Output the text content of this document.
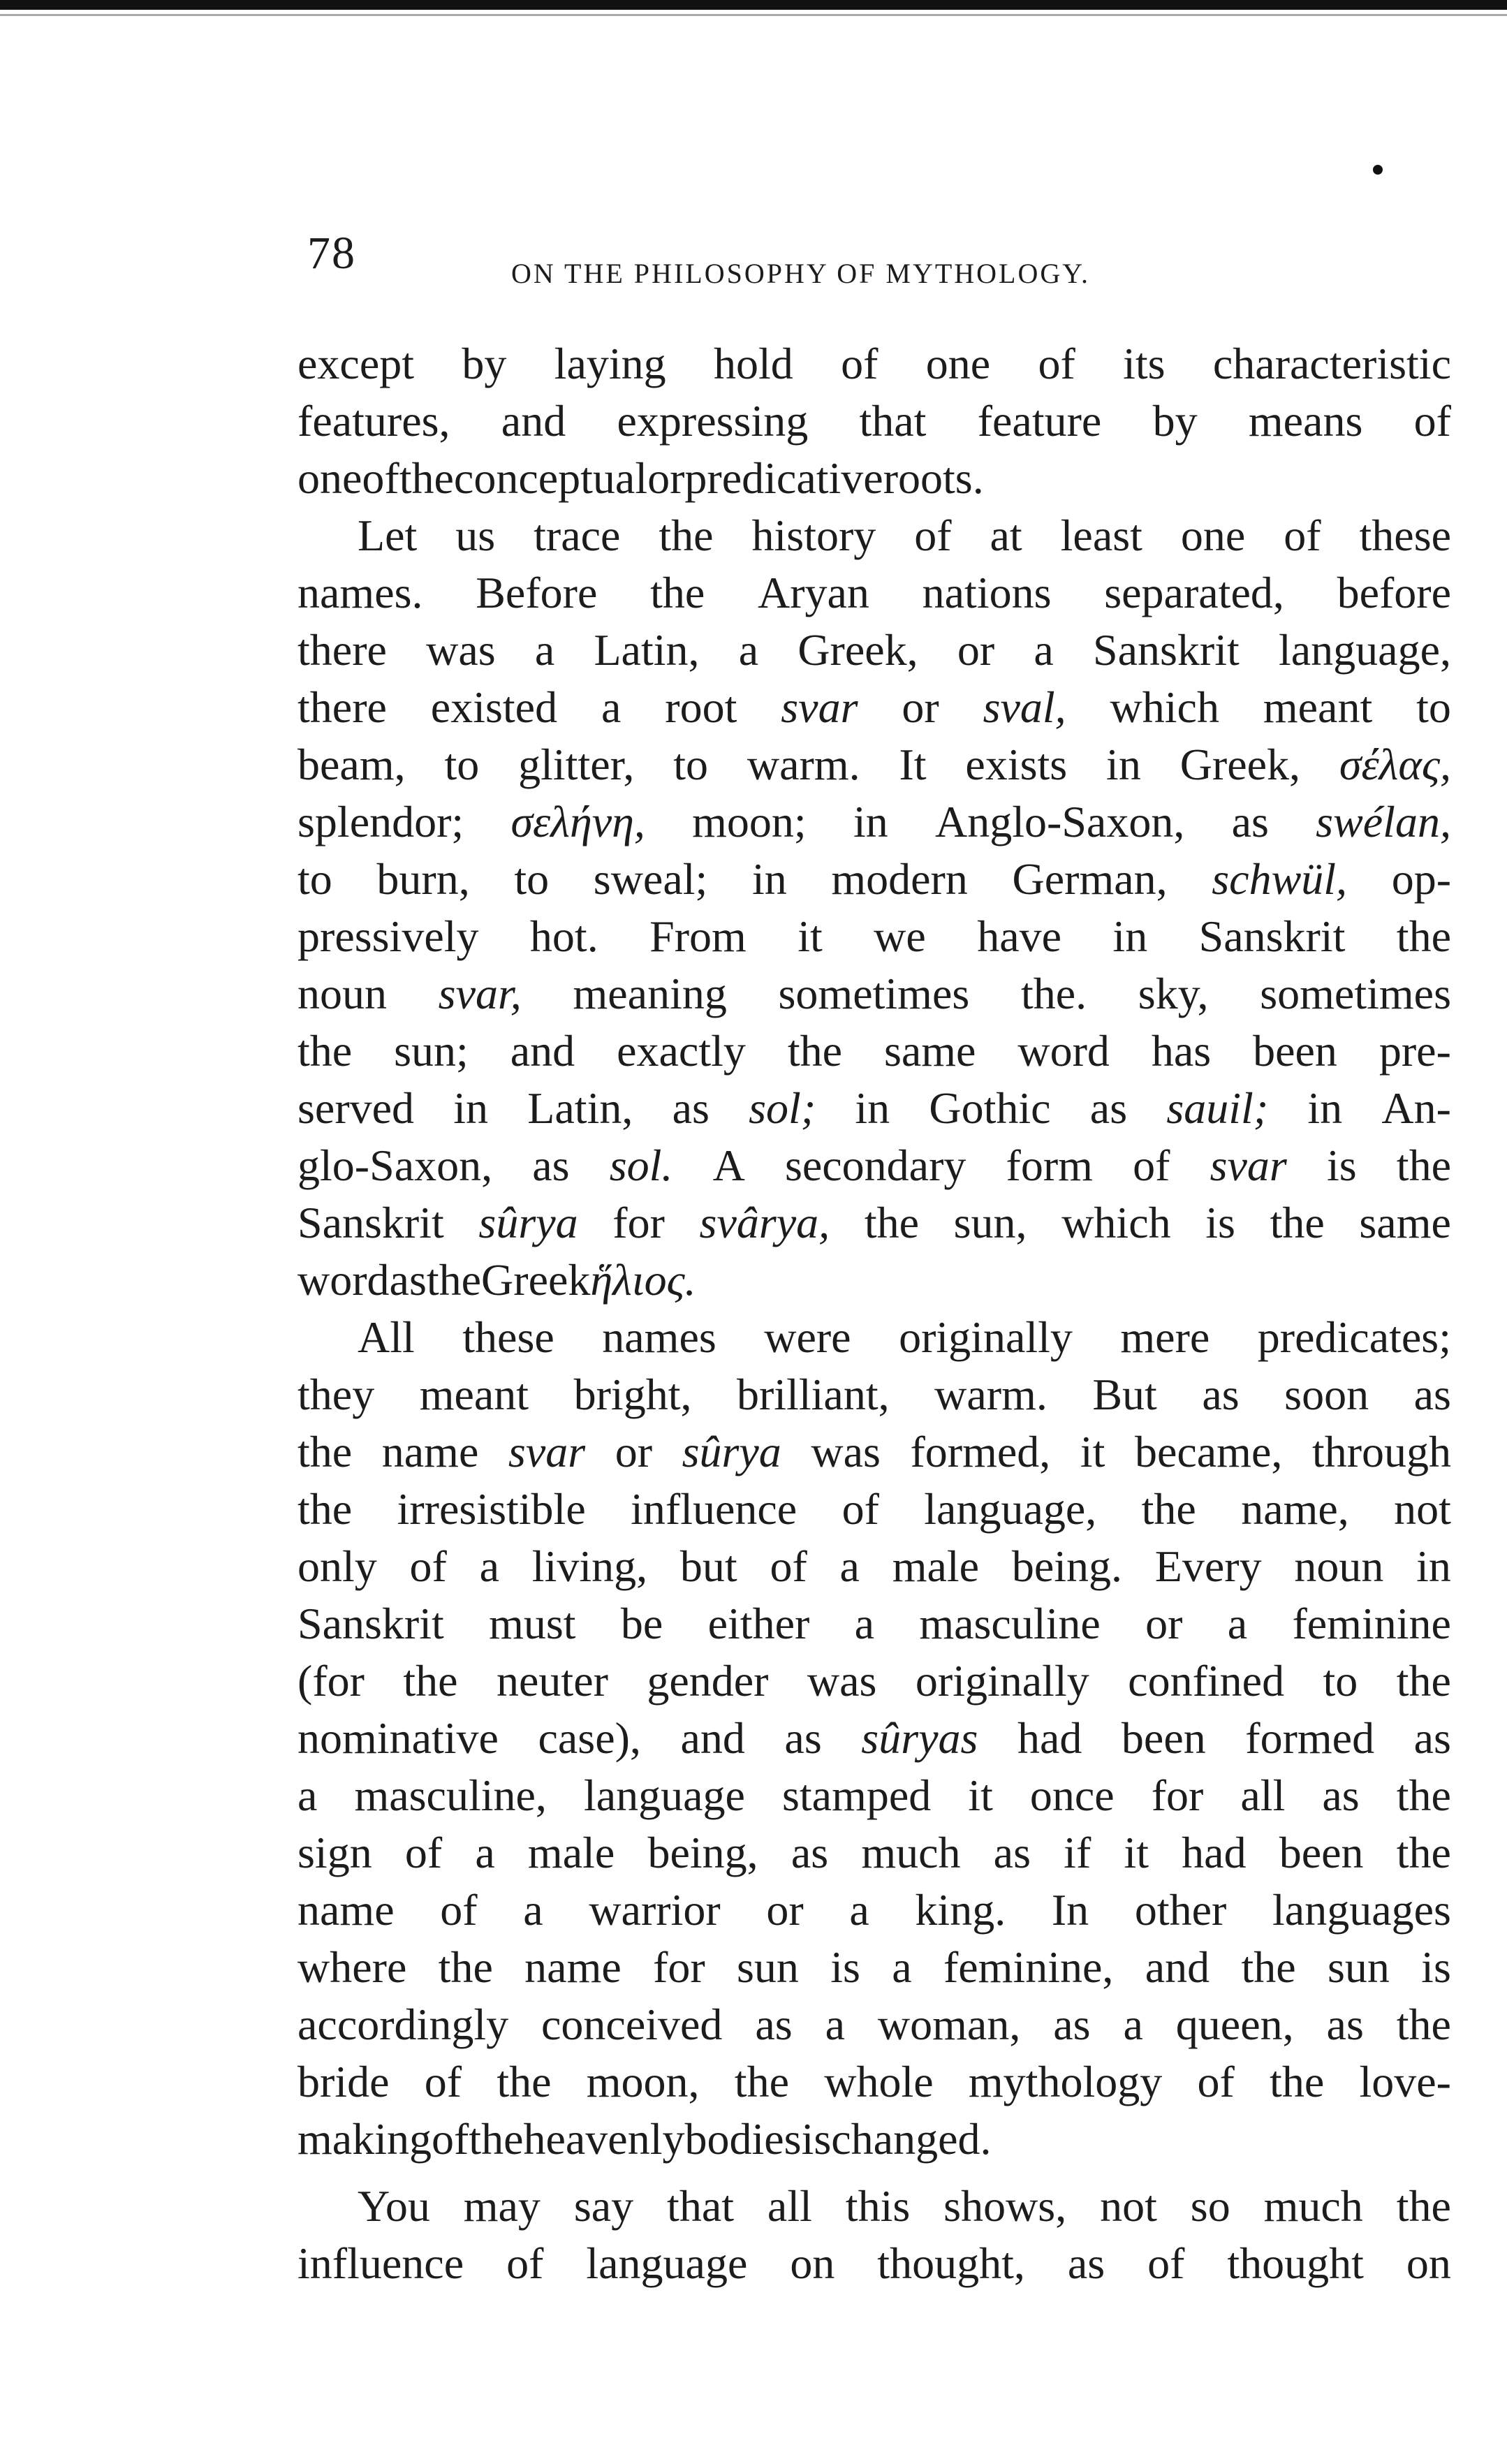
78	ON THE PHILOSOPHY OF MYTHOLOGY.
except by laying hold of one of its characteristic
features, and expressing that feature by means of
one of the conceptual or predicative roots.
Let us trace the history of at least one of these
names. Before the Aryan nations separated, before
there was a Latin, a Greek, or a Sanskrit language,
there existed a root svar or sval, which meant to
beam, to glitter, to warm. It exists in Greek, σέλας,
splendor; σελήνη, moon; in Anglo-Saxon, as swélan,
to burn, to sweal; in modern German, schwül, op-
pressively hot. From it we have in Sanskrit the
noun svar, meaning sometimes the. sky, sometimes
the sun; and exactly the same word has been pre-
served in Latin, as sol; in Gothic as sauil; in An-
glo-Saxon, as sol. A secondary form of svar is the
Sanskrit sûrya for svârya, the sun, which is the same
word as the Greek ἥλιος.
All these names were originally mere predicates;
they meant bright, brilliant, warm. But as soon as
the name svar or sûrya was formed, it became, through
the irresistible influence of language, the name, not
only of a living, but of a male being. Every noun in
Sanskrit must be either a masculine or a feminine
(for the neuter gender was originally confined to the
nominative case), and as sûryas had been formed as
a masculine, language stamped it once for all as the
sign of a male being, as much as if it had been the
name of a warrior or a king. In other languages
where the name for sun is a feminine, and the sun is
accordingly conceived as a woman, as a queen, as the
bride of the moon, the whole mythology of the love-
making of the heavenly bodies is changed.
You may say that all this shows, not so much the
influence of language on thought, as of thought on
